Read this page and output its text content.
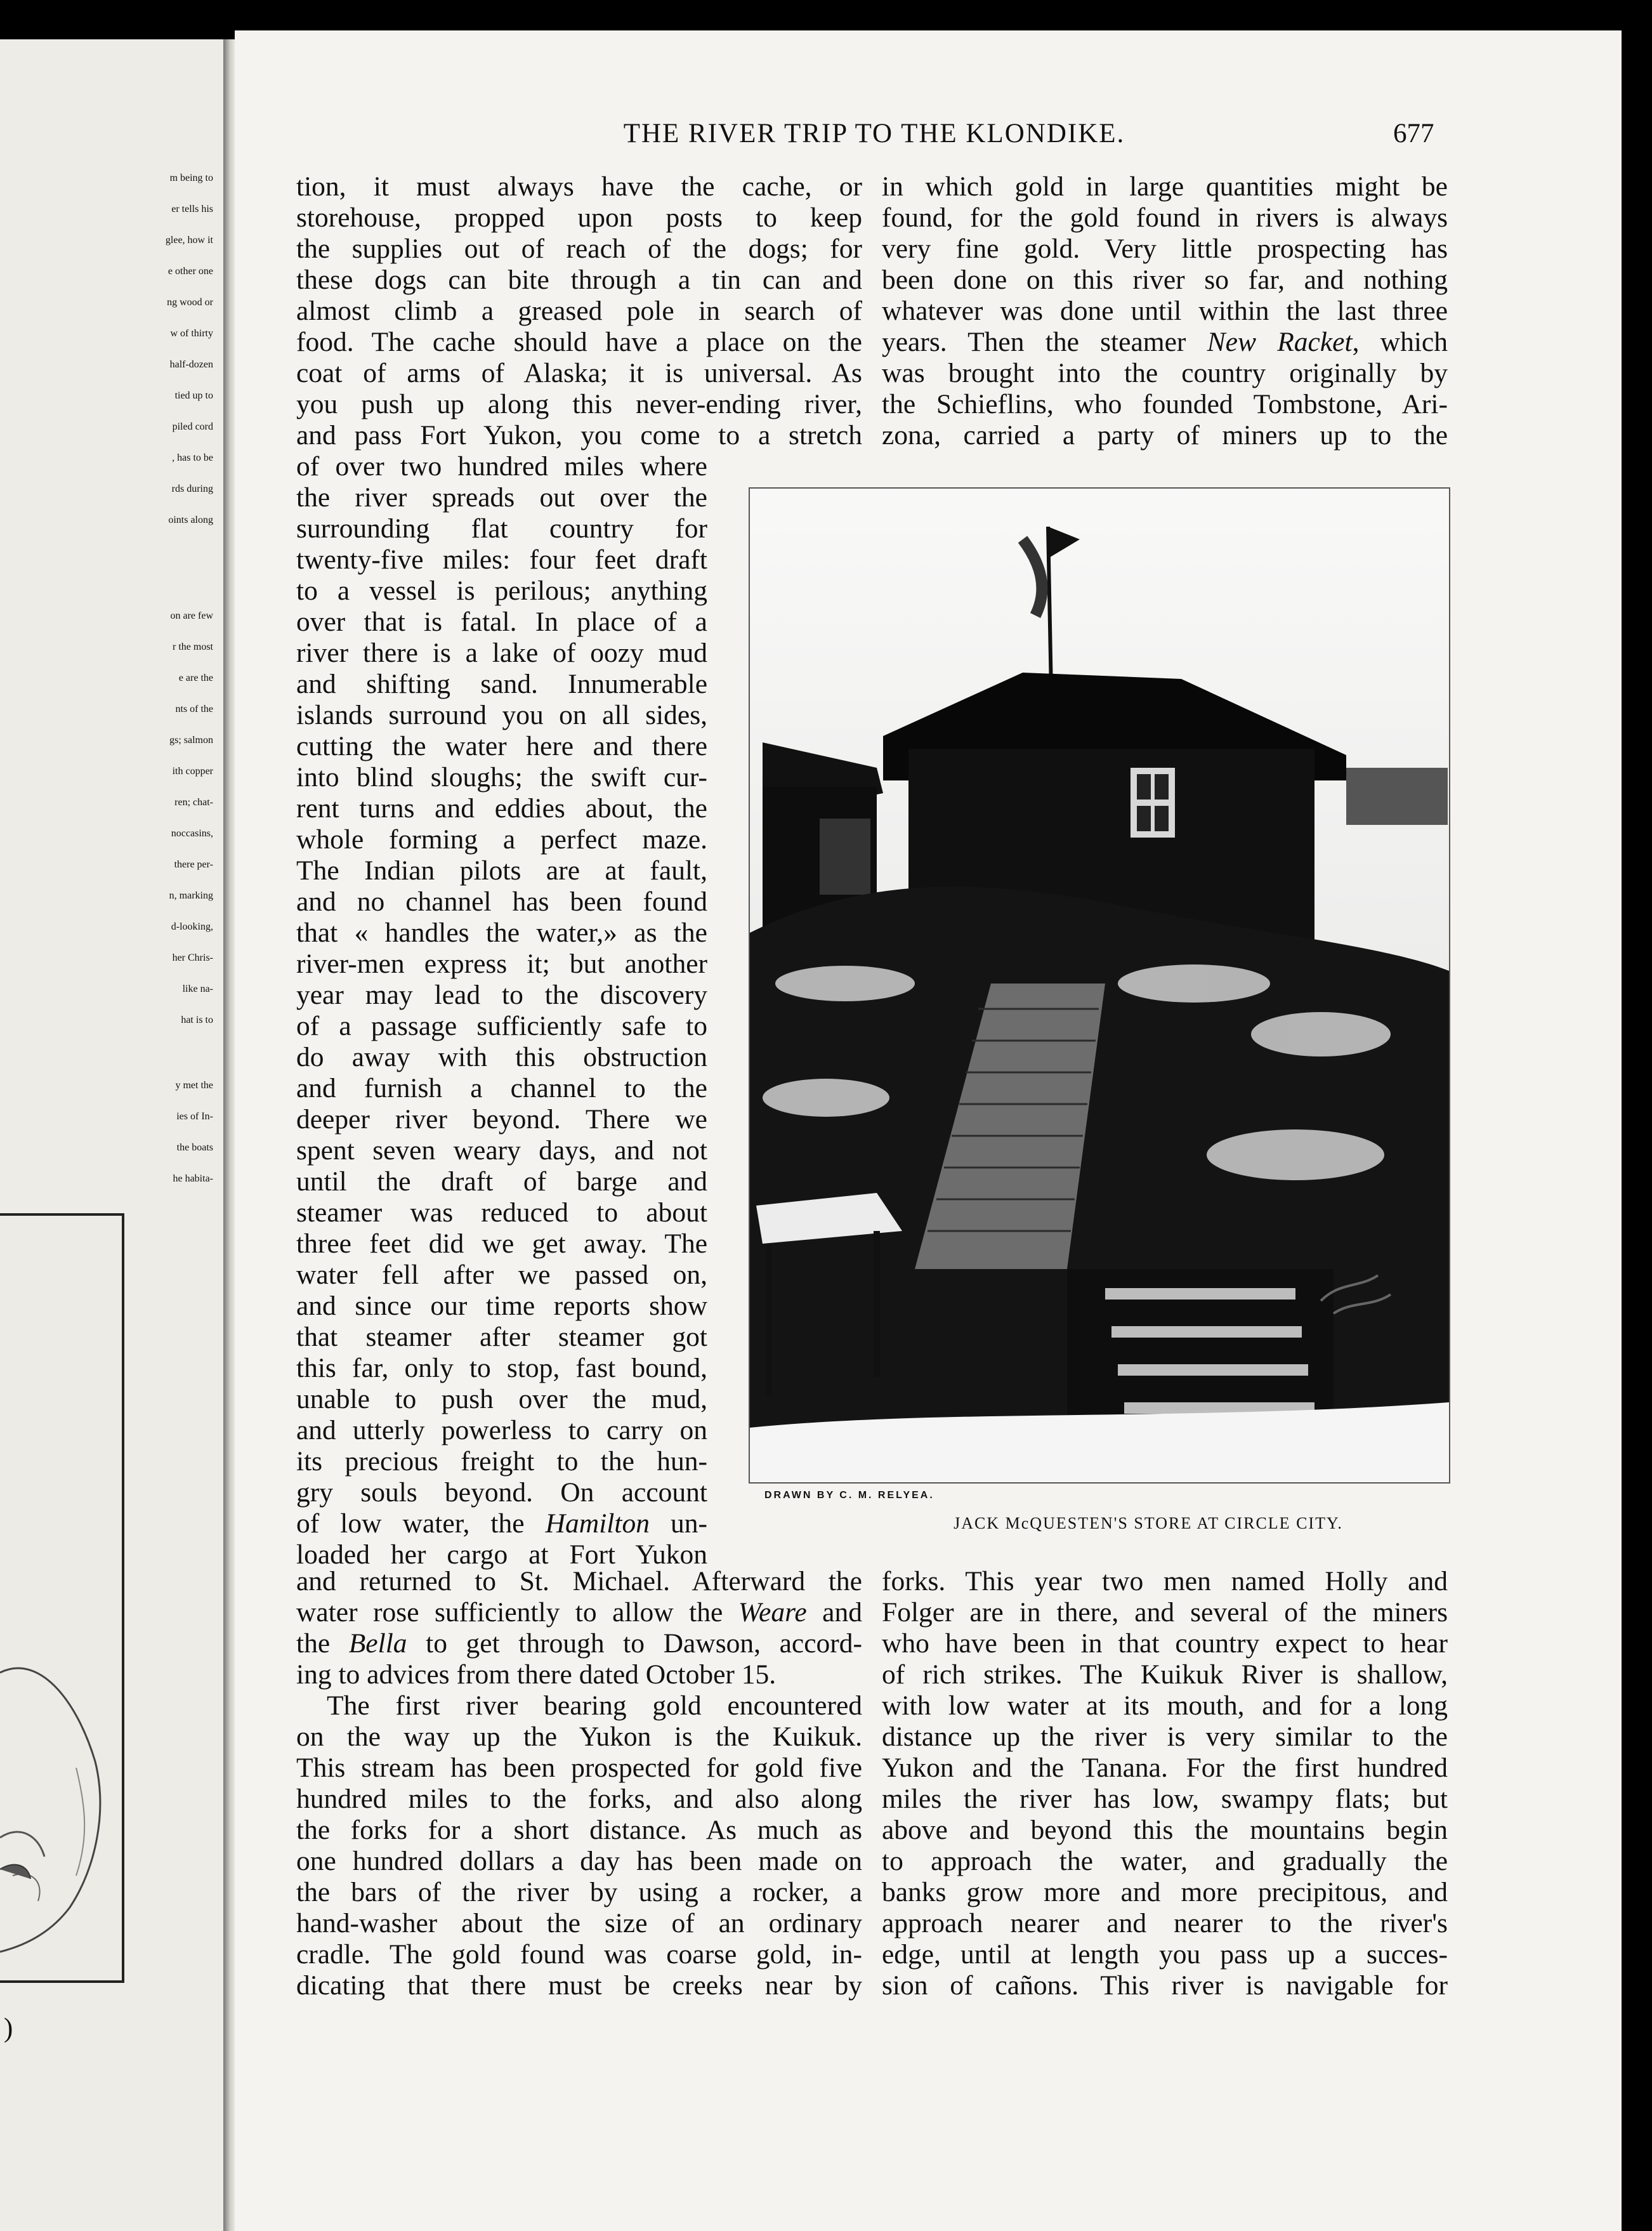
m being to
er tells his
glee, how it
e other one
ng wood or
w of thirty
half-dozen
tied up to
piled cord
, has to be
rds during
oints along
on are few
r the most
e are the
nts of the
gs; salmon
ith copper
ren; chat-
noccasins,
there per-
n, marking
d-looking,
her Chris-
like na-
hat is to
y met the
ies of In-
the boats
he habita-
)
THE RIVER TRIP TO THE KLONDIKE.	677
tion, it must always have the cache, or
storehouse, propped upon posts to keep
the supplies out of reach of the dogs; for
these dogs can bite through a tin can and
almost climb a greased pole in search of
food. The cache should have a place on the
coat of arms of Alaska; it is universal. As
you push up along this never-ending river,
and pass Fort Yukon, you come to a stretch
of over two hundred miles where
the river spreads out over the
surrounding flat country for
twenty-five miles: four feet draft
to a vessel is perilous; anything
over that is fatal. In place of a
river there is a lake of oozy mud
and shifting sand. Innumerable
islands surround you on all sides,
cutting the water here and there
into blind sloughs; the swift cur-
rent turns and eddies about, the
whole forming a perfect maze.
The Indian pilots are at fault,
and no channel has been found
that « handles the water,» as the
river-men express it; but another
year may lead to the discovery
of a passage sufficiently safe to
do away with this obstruction
and furnish a channel to the
deeper river beyond. There we
spent seven weary days, and not
until the draft of barge and
steamer was reduced to about
three feet did we get away. The
water fell after we passed on,
and since our time reports show
that steamer after steamer got
this far, only to stop, fast bound,
unable to push over the mud,
and utterly powerless to carry on
its precious freight to the hun-
gry souls beyond. On account
of low water, the Hamilton un-
loaded her cargo at Fort Yukon
and returned to St. Michael. Afterward the
water rose sufficiently to allow the Weare and
the Bella to get through to Dawson, accord-
ing to advices from there dated October 15.
The first river bearing gold encountered
on the way up the Yukon is the Kuikuk.
This stream has been prospected for gold five
hundred miles to the forks, and also along
the forks for a short distance. As much as
one hundred dollars a day has been made on
the bars of the river by using a rocker, a
hand-washer about the size of an ordinary
cradle. The gold found was coarse gold, in-
dicating that there must be creeks near by
in which gold in large quantities might be
found, for the gold found in rivers is always
very fine gold. Very little prospecting has
been done on this river so far, and nothing
whatever was done until within the last three
years. Then the steamer New Racket, which
was brought into the country originally by
the Schieflins, who founded Tombstone, Ari-
zona, carried a party of miners up to the
DRAWN BY C. M. RELYEA.
JACK McQUESTEN'S STORE AT CIRCLE CITY.
forks. This year two men named Holly and
Folger are in there, and several of the miners
who have been in that country expect to hear
of rich strikes. The Kuikuk River is shallow,
with low water at its mouth, and for a long
distance up the river is very similar to the
Yukon and the Tanana. For the first hundred
miles the river has low, swampy flats; but
above and beyond this the mountains begin
to approach the water, and gradually the
banks grow more and more precipitous, and
approach nearer and nearer to the river's
edge, until at length you pass up a succes-
sion of cañons. This river is navigable for
